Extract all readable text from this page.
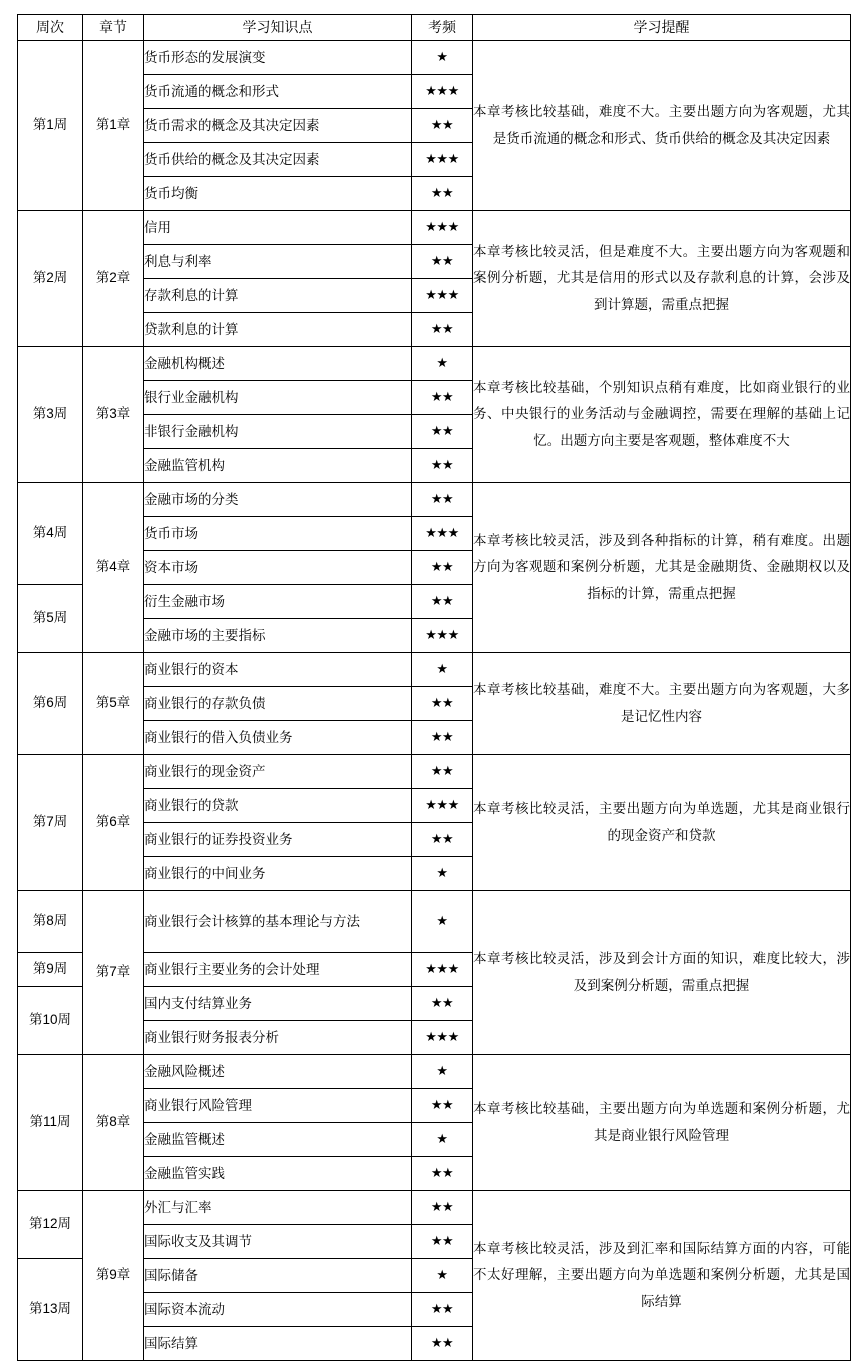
周次	章节	学习知识点	考频	学习提醒
第1周	第1章	货币形态的发展演变	★	本章考核比较基础，难度不大。主要出题方向为客观题，尤其是货币流通的概念和形式、货币供给的概念及其决定因素
		货币流通的概念和形式	★★★	
		货币需求的概念及其决定因素	★★	
		货币供给的概念及其决定因素	★★★	
		货币均衡	★★	
第2周	第2章	信用	★★★	本章考核比较灵活，但是难度不大。主要出题方向为客观题和案例分析题，尤其是信用的形式以及存款利息的计算，会涉及到计算题，需重点把握
		利息与利率	★★	
		存款利息的计算	★★★	
		贷款利息的计算	★★	
第3周	第3章	金融机构概述	★	本章考核比较基础，个别知识点稍有难度，比如商业银行的业务、中央银行的业务活动与金融调控，需要在理解的基础上记忆。出题方向主要是客观题，整体难度不大
		银行业金融机构	★★	
		非银行金融机构	★★	
		金融监管机构	★★	
第4周	第4章	金融市场的分类	★★	本章考核比较灵活，涉及到各种指标的计算，稍有难度。出题方向为客观题和案例分析题，尤其是金融期货、金融期权以及指标的计算，需重点把握
		货币市场	★★★	
		资本市场	★★	
第5周		衍生金融市场	★★	
		金融市场的主要指标	★★★	
第6周	第5章	商业银行的资本	★	本章考核比较基础，难度不大。主要出题方向为客观题，大多是记忆性内容
		商业银行的存款负债	★★	
		商业银行的借入负债业务	★★	
第7周	第6章	商业银行的现金资产	★★	本章考核比较灵活，主要出题方向为单选题，尤其是商业银行的现金资产和贷款
		商业银行的贷款	★★★	
		商业银行的证券投资业务	★★	
		商业银行的中间业务	★	
第8周	第7章	商业银行会计核算的基本理论与方法	★	本章考核比较灵活，涉及到会计方面的知识，难度比较大，涉及到案例分析题，需重点把握
第9周		商业银行主要业务的会计处理	★★★	
第10周		国内支付结算业务	★★	
		商业银行财务报表分析	★★★	
第11周	第8章	金融风险概述	★	本章考核比较基础，主要出题方向为单选题和案例分析题，尤其是商业银行风险管理
		商业银行风险管理	★★	
		金融监管概述	★	
		金融监管实践	★★	
第12周	第9章	外汇与汇率	★★	本章考核比较灵活，涉及到汇率和国际结算方面的内容，可能不太好理解，主要出题方向为单选题和案例分析题，尤其是国际结算
		国际收支及其调节	★★	
第13周		国际储备	★	
		国际资本流动	★★	
		国际结算	★★	
